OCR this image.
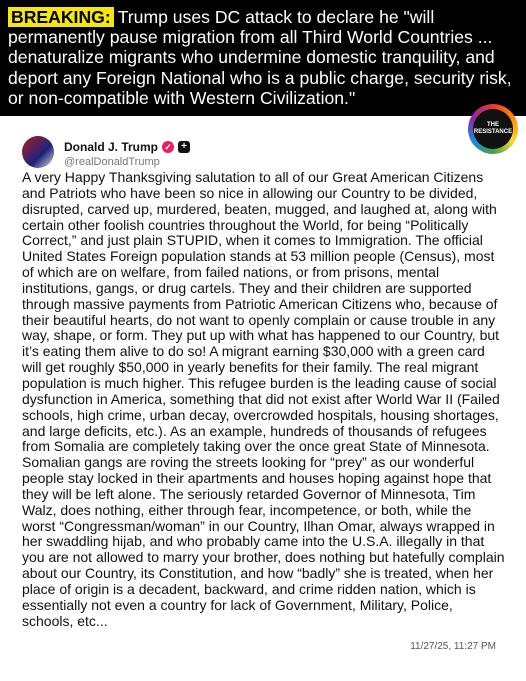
BREAKING: Trump uses DC attack to declare he "will permanently pause migration from all Third World Countries ... denaturalize migrants who undermine domestic tranquility, and deport any Foreign National who is a public charge, security risk, or non-compatible with Western Civilization."
THE
RESISTANCE
Donald J. Trump ✓ +
@realDonaldTrump

A very Happy Thanksgiving salutation to all of our Great American Citizens and Patriots who have been so nice in allowing our Country to be divided, disrupted, carved up, murdered, beaten, mugged, and laughed at, along with certain other foolish countries throughout the World, for being “Politically Correct,” and just plain STUPID, when it comes to Immigration. The official United States Foreign population stands at 53 million people (Census), most of which are on welfare, from failed nations, or from prisons, mental institutions, gangs, or drug cartels. They and their children are supported through massive payments from Patriotic American Citizens who, because of their beautiful hearts, do not want to openly complain or cause trouble in any way, shape, or form. They put up with what has happened to our Country, but it’s eating them alive to do so! A migrant earning $30,000 with a green card will get roughly $50,000 in yearly benefits for their family. The real migrant population is much higher. This refugee burden is the leading cause of social dysfunction in America, something that did not exist after World War II (Failed schools, high crime, urban decay, overcrowded hospitals, housing shortages, and large deficits, etc.). As an example, hundreds of thousands of refugees from Somalia are completely taking over the once great State of Minnesota. Somalian gangs are roving the streets looking for “prey” as our wonderful people stay locked in their apartments and houses hoping against hope that they will be left alone. The seriously retarded Governor of Minnesota, Tim Walz, does nothing, either through fear, incompetence, or both, while the worst “Congressman/woman” in our Country, Ilhan Omar, always wrapped in her swaddling hijab, and who probably came into the U.S.A. illegally in that you are not allowed to marry your brother, does nothing but hatefully complain about our Country, its Constitution, and how “badly” she is treated, when her place of origin is a decadent, backward, and crime ridden nation, which is essentially not even a country for lack of Government, Military, Police, schools, etc...

11/27/25, 11:27 PM
